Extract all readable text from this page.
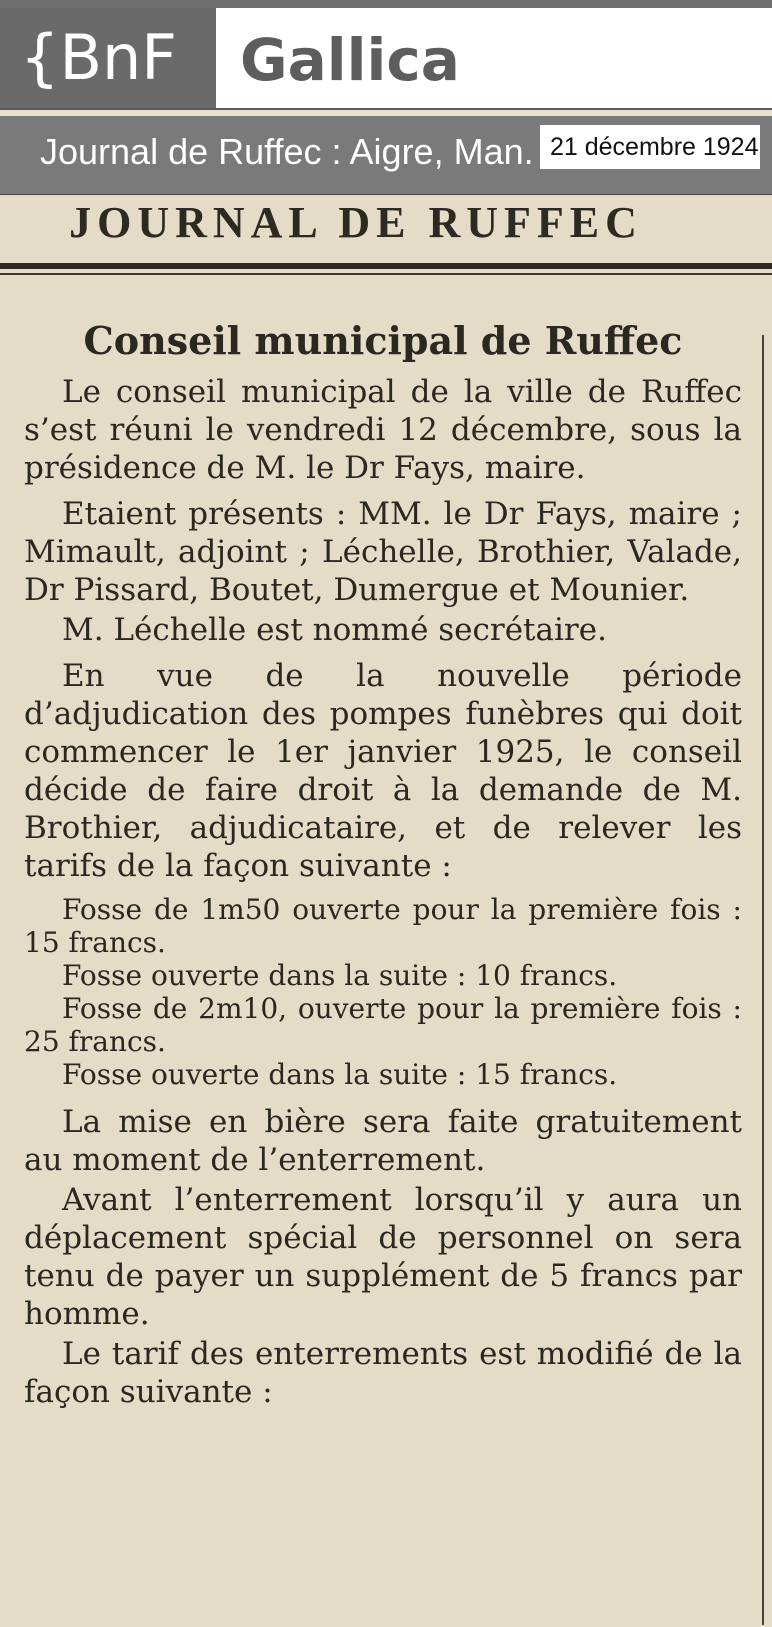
{BnF	Gallica
Journal de Ruffec : Aigre, Man. 21 décembre 1924
JOURNAL DE RUFFEC
Conseil municipal de Ruffec

Le conseil municipal de la ville de Ruffec s’est réuni le vendredi 12 décembre, sous la présidence de M. le Dr Fays, maire.

Etaient présents : MM. le Dr Fays, maire ; Mimault, adjoint ; Léchelle, Brothier, Valade, Dr Pissard, Boutet, Dumergue et Mounier.

M. Léchelle est nommé secrétaire.

En vue de la nouvelle période d’adjudication des pompes funèbres qui doit commencer le 1er janvier 1925, le conseil décide de faire droit à la demande de M. Brothier, adjudicataire, et de relever les tarifs de la façon suivante :

Fosse de 1m50 ouverte pour la première fois : 15 francs.

Fosse ouverte dans la suite : 10 francs.

Fosse de 2m10, ouverte pour la première fois : 25 francs.

Fosse ouverte dans la suite : 15 francs.

La mise en bière sera faite gratuitement au moment de l’enterrement.

Avant l’enterrement lorsqu’il y aura un déplacement spécial de personnel on sera tenu de payer un supplément de 5 francs par homme.

Le tarif des enterrements est modifié de la façon suivante :
